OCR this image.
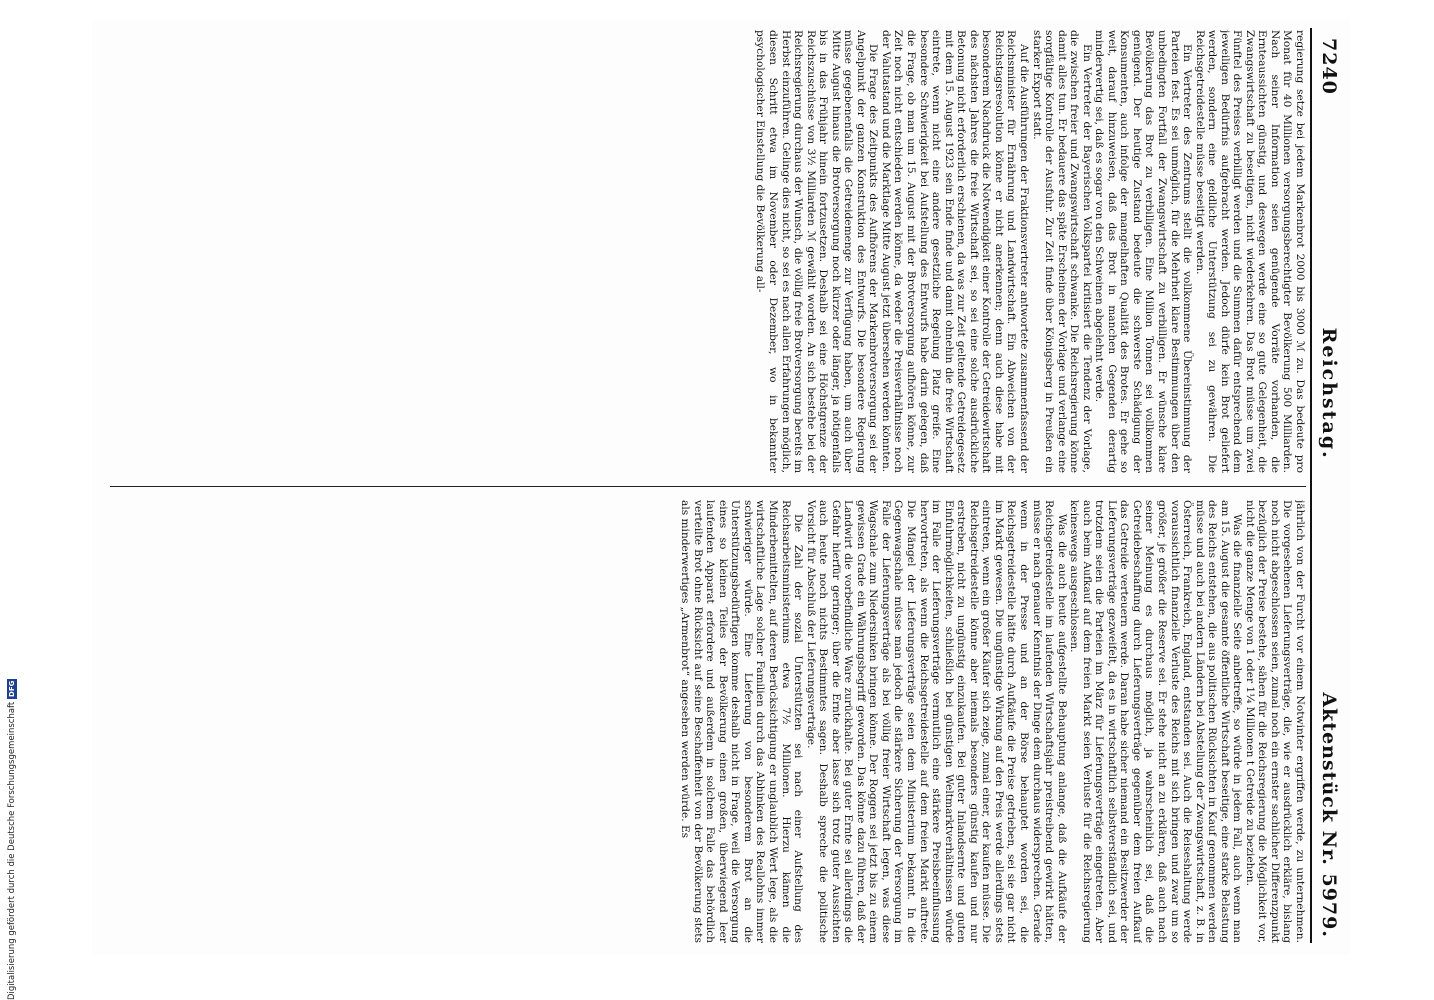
7240
Reichstag.
Aktenstück Nr. 5979.

regierung setze bei jedem Markenbrot 2000 bis 3000 ℳ zu. Das bedeute pro Monat für 40 Millionen versorgungsberechtigter Bevölkerung 500 Milliarden. Nach seiner Information seien genügende Vorräte vorhanden, die Ernteaussichten günstig, und deswegen werde eine so gute Gelegenheit, die Zwangswirtschaft zu beseitigen, nicht wiederkehren. Das Brot müsse um zwei Fünftel des Preises verbilligt werden und die Summen dafür entsprechend dem jeweiligen Bedürfnis aufgebracht werden. Jedoch dürfe kein Brot geliefert werden, sondern eine geldliche Unterstützung sei zu gewähren. Die Reichsgetreidestelle müsse beseitigt werden.

Ein Vertreter des Zentrums stellt die vollkommene Übereinstimmung der Parteien fest. Es sei unmöglich, für die Mehrheit klare Bestimmungen über den unbedingten Fortfall der Zwangswirtschaft zu verbilligen. Er wünsche klare Bevölkerung das Brot zu verbilligen. Eine Million Tonnen sei vollkommen genügend. Der heutige Zustand bedeute die schwerste Schädigung der Konsumenten, auch infolge der mangelhaften Qualität des Brotes. Er gehe so weit, darauf hinzuweisen, daß das Brot in manchen Gegenden derartig minderwertig sei, daß es sogar von den Schweinen abgelehnt werde.

Ein Vertreter der Bayerischen Volkspartei kritisiert die Tendenz der Vorlage, die zwischen freier und Zwangswirtschaft schwanke. Die Reichsregierung könne damit alles tun. Er bedauere das späte Erscheinen der Vorlage und verlange eine sorgfältige Kontrolle der Ausfuhr. Zur Zeit finde über Königsberg in Preußen ein starker Export statt.

Auf die Ausführungen der Fraktionsvertreter antwortete zusammenfassend der Reichsminister für Ernährung und Landwirtschaft. Ein Abweichen von der Reichstagsresolution könne er nicht anerkennen; denn auch diese habe mit besonderem Nachdruck die Notwendigkeit einer Kontrolle der Getreidewirtschaft des nächsten Jahres die freie Wirtschaft sei, so sei eine solche ausdrückliche Betonung nicht erforderlich erschienen, da was zur Zeit geltende Getreidegesetz mit dem 15. August 1923 sein Ende finde und damit ohnehin die freie Wirtschaft eintrete, wenn nicht eine andere gesetzliche Regelung Platz greife. Eine besondere Schwierigkeit bei Aufstellung des Entwurfs habe darin gelegen, daß die Frage, ob man um 15. August mit der Brotversorgung aufhören könne, zur Zeit noch nicht entschieden werden könne, da weder die Preisverhältnisse noch der Valutastand und die Marktlage Mitte August jetzt übersehen werden könnten.

Die Frage des Zeitpunkts des Aufhörens der Markenbrotversorgung sei der Angelpunkt der ganzen Konstruktion des Entwurfs. Die besondere Regierung müsse gegebenenfalls die Getreidemenge zur Verfügung haben, um auch über Mitte August hinaus die Brotversorgung noch kürzer oder länger, ja nötigenfalls bis in das Frühjahr hinein fortzusetzen. Deshalb sei eine Höchstgrenze der Reichszuschüsse von 3½ Milliarden ℳ gewählt worden. An sich bestehe bei der Reichsregierung durchaus der Wunsch, die völlig freie Brotversorgung bereits im Herbst einzuführen. Gelinge dies nicht, so sei es nach allen Erfahrungen möglich, diesen Schritt etwa im November oder Dezember, wo in bekannter psychologischer Einstellung die Bevölkerung all-

jährlich von der Furcht vor einem Notwinter ergriffen werde, zu unternehmen. Die vorgesehenen Lieferungsverträge, die, wie er ausdrücklich erkläre, bislang noch nicht abgeschlossen seien, zumal noch ein ernster sachlicher Differenzpunkt bezüglich der Preise bestehe, sähen für die Reichsregierung die Möglichkeit vor, nicht die ganze Menge von 1 oder 1¼ Millionen t Getreide zu beziehen.

Was die finanzielle Seite anbetreffe, so würde in jedem Fall, auch wenn man am 15. August die gesamte öffentliche Wirtschaft beseitige, eine starke Belastung des Reichs entstehen, die aus politischen Rücksichten in Kauf genommen werden müsse und auch bei andern Ländern bei Abstellung der Zwangswirtschaft, z. B. in Österreich, Frankreich, England, entstanden sei. Auch die Reiseshaltung werde voraussichtlich finanzielle Verluste des Reichs mit sich bringen und zwar um so größer, je größer die Reserve sei. Er stehe nicht an zu erklären, daß auch nach seiner Meinung es durchaus möglich, ja wahrscheinlich sei, daß die Getreidebeschaffung durch Lieferungsverträge gegenüber dem freien Aufkauf das Getreide verteuern werde. Daran habe sicher niemand ein Besitzwerder der Lieferungsverträge gezweifelt, da es in wirtschaftlich selbstverständlich sei, und trotzdem seien die Parteien im März für Lieferungsverträge eingetreten. Aber auch beim Aufkauf auf dem freien Markt seien Verluste für die Reichsregierung keineswegs ausgeschlossen.

Was die auch heute aufgestellte Behauptung anlange, daß die Aufkäufe der Reichsgetreidestelle im laufenden Wirtschaftsjahr preistreibend gewirkt hätten, müsse er nach genauer Kenntnis der Dinge dem durchaus widersprechen. Gerade wenn in der Presse und an der Börse behauptet worden sei, die Reichsgetreidestelle hätte durch Aufkäufe die Preise getrieben, sei sie gar nicht im Markt gewesen. Die ungünstige Wirkung auf den Preis werde allerdings stets eintreten, wenn ein großer Käufer sich zeige, zumal einer, der kaufen müsse. Die Reichsgetreidestelle könne aber niemals besonders günstig kaufen und nur erstreben, nicht zu ungünstig einzukaufen. Bei guter Inlandsernte und guten Einfuhrmöglichkeiten, schließlich bei günstigen Weltmarktverhältnissen würde im Falle der Lieferungsverträge vermutlich eine stärkere Preisbeeinflussung hervortreten, als wenn die Reichsgetreidestelle auf dem freien Markt auftrete. Die Mängel der Lieferungsverträge seien dem Ministerium bekannt. In die Gegenwagschale müsse man jedoch die stärkere Sicherung der Versorgung im Falle der Lieferungsverträge als bei völlig freier Wirtschaft legen, was diese Wagschale zum Niedersinken bringen könne. Der Roggen sei jetzt bis zu einem gewissen Grade ein Währungsbegriff geworden. Das könne dazu führen, daß der Landwirt die vorbefindliche Ware zurückhalte. Bei guter Ernte sei allerdings die Gefahr hierfür geringer; über die Ernte aber lasse sich trotz guter Aussichten auch heute noch nichts Bestimmtes sagen. Deshalb spreche die politische Vorsicht für Abschluß der Lieferungsverträge.

Die Zahl der sozial Unterstützten sei nach einer Aufstellung des Reichsarbeitsministeriums etwa 7½ Millionen. Hierzu kämen die Minderbemittelten, auf deren Berücksichtigung er unglaublich Wert lege, als die wirtschaftliche Lage solcher Familien durch das Abhinken des Reallohns immer schwieriger würde. Eine Lieferung von besonderem Brot an die Unterstützungsbedürftigen komme deshalb nicht in Frage, weil die Versorgung eines so kleinen Teiles der Bevölkerung einen großen, überwiegend leer laufenden Apparat erfordere und außerdem in solchem Falle das behördlich verteilte Brot ohne Rücksicht auf seine Beschaffenheit von der Bevölkerung stets als minderwertiges „Armenbrot“ angesehen werden würde. Es

Digitalisierung gefördert durch die Deutsche Forschungsgemeinschaft
DFG
